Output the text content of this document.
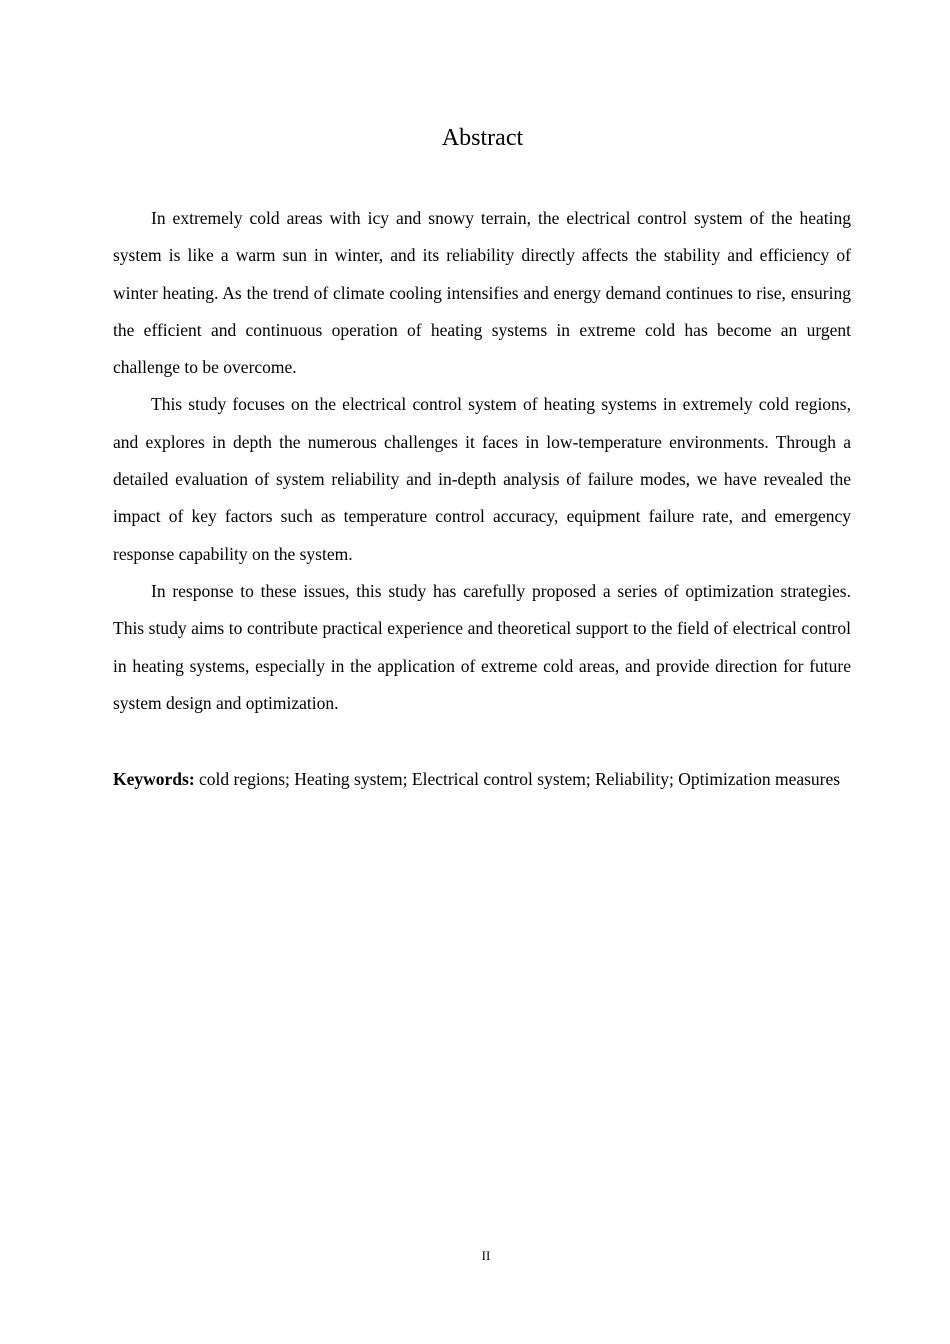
Abstract

In extremely cold areas with icy and snowy terrain, the electrical control system of the heating system is like a warm sun in winter, and its reliability directly affects the stability and efficiency of winter heating. As the trend of climate cooling intensifies and energy demand continues to rise, ensuring the efficient and continuous operation of heating systems in extreme cold has become an urgent challenge to be overcome.

This study focuses on the electrical control system of heating systems in extremely cold regions, and explores in depth the numerous challenges it faces in low-temperature environments. Through a detailed evaluation of system reliability and in-depth analysis of failure modes, we have revealed the impact of key factors such as temperature control accuracy, equipment failure rate, and emergency response capability on the system.

In response to these issues, this study has carefully proposed a series of optimization strategies. This study aims to contribute practical experience and theoretical support to the field of electrical control in heating systems, especially in the application of extreme cold areas, and provide direction for future system design and optimization.

Keywords: cold regions; Heating system; Electrical control system; Reliability; Optimization measures

II
